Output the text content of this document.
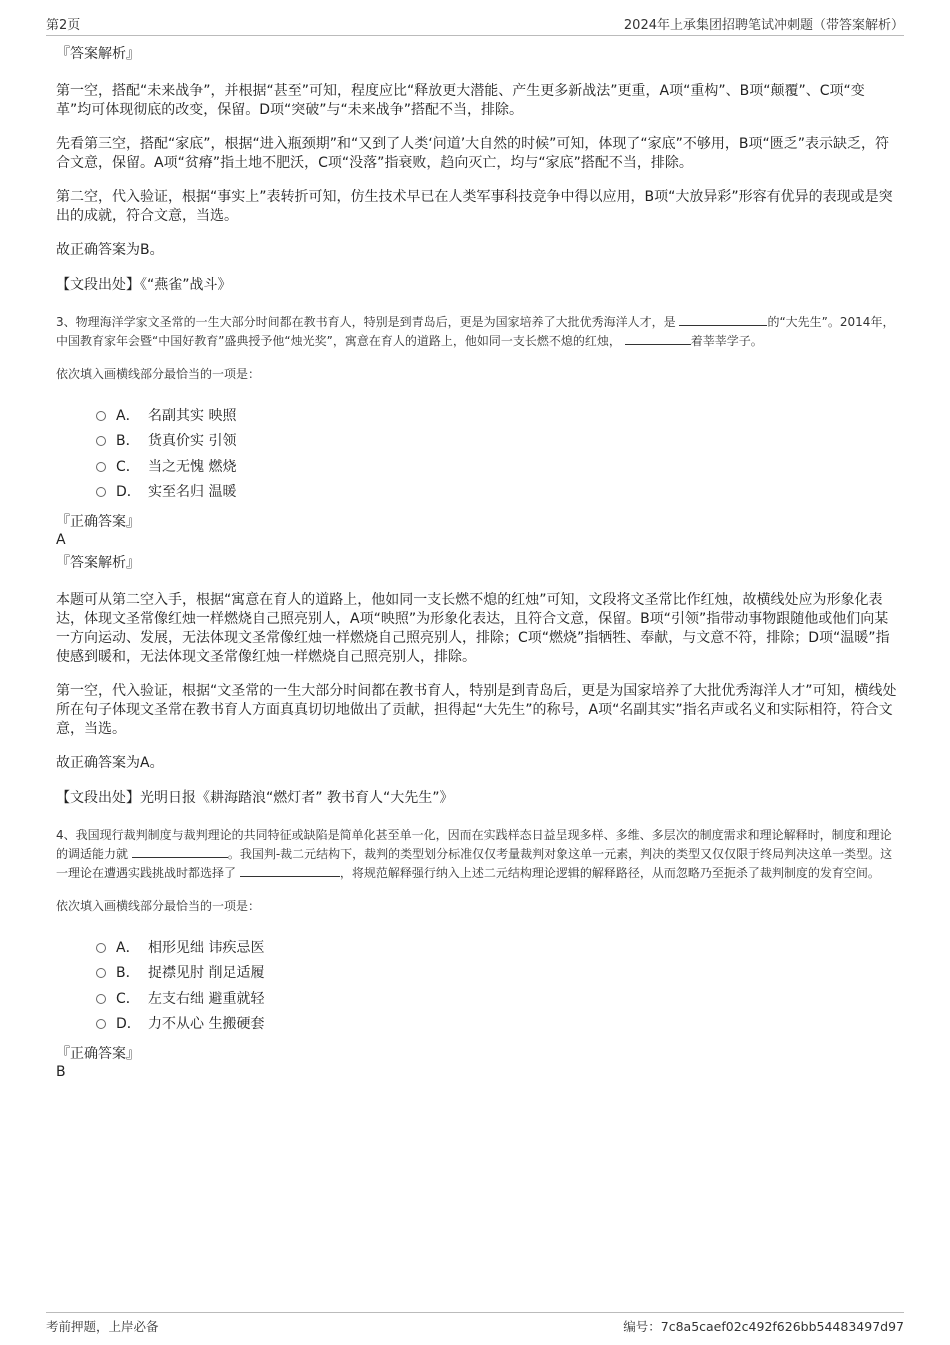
第2页	2024年上承集团招聘笔试冲刺题（带答案解析）
『答案解析』

第一空，搭配“未来战争”，并根据“甚至”可知，程度应比“释放更大潜能、产生更多新战法”更重，A项“重构”、B项“颠覆”、C项“变革”均可体现彻底的改变，保留。D项“突破”与“未来战争”搭配不当，排除。

先看第三空，搭配“家底”，根据“进入瓶颈期”和“又到了人类‘问道’大自然的时候”可知，体现了“家底”不够用，B项“匮乏”表示缺乏，符合文意，保留。A项“贫瘠”指土地不肥沃，C项“没落”指衰败，趋向灭亡，均与“家底”搭配不当，排除。

第二空，代入验证，根据“事实上”表转折可知，仿生技术早已在人类军事科技竞争中得以应用，B项“大放异彩”形容有优异的表现或是突出的成就，符合文意，当选。

故正确答案为B。

【文段出处】《“燕雀”战斗》

3、物理海洋学家文圣常的一生大部分时间都在教书育人，特别是到青岛后，更是为国家培养了大批优秀海洋人才，是	的“大先生”。2014年，中国教育家年会暨“中国好教育”盛典授予他“烛光奖”，寓意在育人的道路上，他如同一支长燃不熄的红烛，	着莘莘学子。

依次填入画横线部分最恰当的一项是：

A． 名副其实 映照
B． 货真价实 引领
C． 当之无愧 燃烧
D． 实至名归 温暖

『正确答案』

A

『答案解析』

本题可从第二空入手，根据“寓意在育人的道路上，他如同一支长燃不熄的红烛”可知，文段将文圣常比作红烛，故横线处应为形象化表达，体现文圣常像红烛一样燃烧自己照亮别人，A项“映照”为形象化表达，且符合文意，保留。B项“引领”指带动事物跟随他或他们向某一方向运动、发展，无法体现文圣常像红烛一样燃烧自己照亮别人，排除；C项“燃烧”指牺牲、奉献，与文意不符，排除；D项“温暖”指使感到暖和，无法体现文圣常像红烛一样燃烧自己照亮别人，排除。

第一空，代入验证，根据“文圣常的一生大部分时间都在教书育人，特别是到青岛后，更是为国家培养了大批优秀海洋人才”可知，横线处所在句子体现文圣常在教书育人方面真真切切地做出了贡献，担得起“大先生”的称号，A项“名副其实”指名声或名义和实际相符，符合文意，当选。

故正确答案为A。

【文段出处】光明日报《耕海踏浪“燃灯者” 教书育人“大先生”》

4、我国现行裁判制度与裁判理论的共同特征或缺陷是简单化甚至单一化，因而在实践样态日益呈现多样、多维、多层次的制度需求和理论解释时，制度和理论的调适能力就	。我国判-裁二元结构下，裁判的类型划分标准仅仅考量裁判对象这单一元素，判决的类型又仅仅限于终局判决这单一类型。这一理论在遭遇实践挑战时都选择了	，将规范解释强行纳入上述二元结构理论逻辑的解释路径，从而忽略乃至扼杀了裁判制度的发育空间。

依次填入画横线部分最恰当的一项是：

A． 相形见绌 讳疾忌医
B． 捉襟见肘 削足适履
C． 左支右绌 避重就轻
D． 力不从心 生搬硬套

『正确答案』

B

考前押题，上岸必备	编号：7c8a5caef02c492f626bb54483497d97
